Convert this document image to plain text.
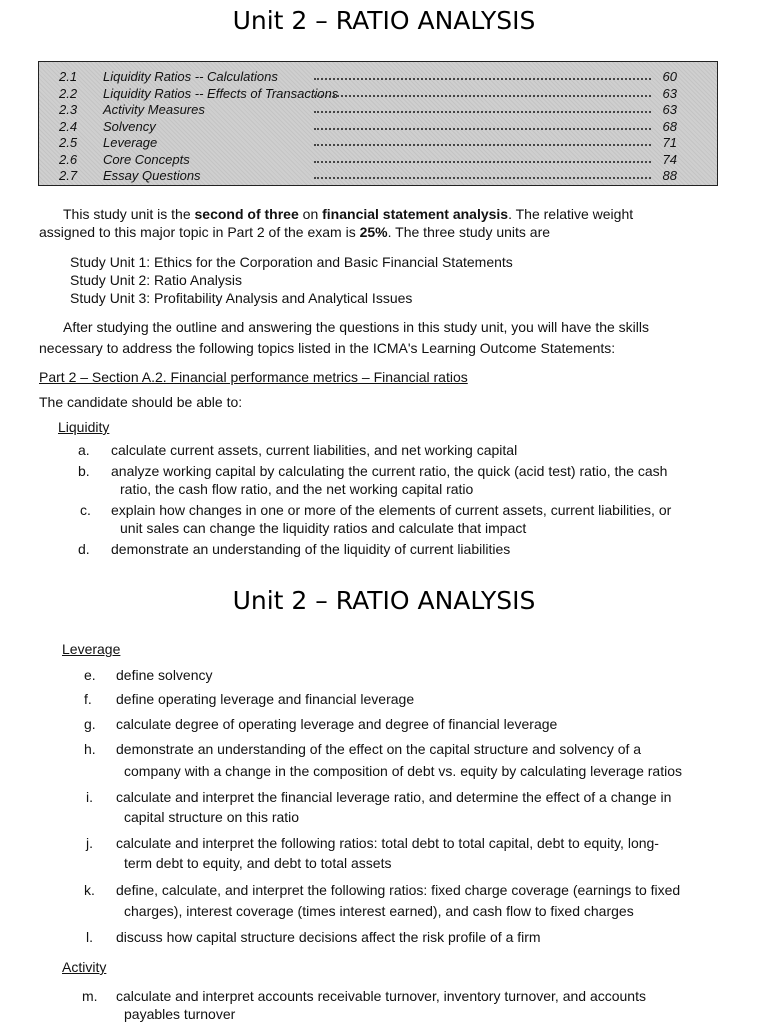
Unit 2 – RATIO ANALYSIS
2.1 Liquidity Ratios -- Calculations	60
2.2 Liquidity Ratios -- Effects of Transactions	63
2.3 Activity Measures	63
2.4 Solvency	68
2.5 Leverage	71
2.6 Core Concepts	74
2.7 Essay Questions	88
This study unit is the second of three on financial statement analysis. The relative weight
assigned to this major topic in Part 2 of the exam is 25%. The three study units are
Study Unit 1: Ethics for the Corporation and Basic Financial Statements
Study Unit 2: Ratio Analysis
Study Unit 3: Profitability Analysis and Analytical Issues
After studying the outline and answering the questions in this study unit, you will have the skills
necessary to address the following topics listed in the ICMA's Learning Outcome Statements:
Part 2 – Section A.2. Financial performance metrics – Financial ratios
The candidate should be able to:
Liquidity
a. calculate current assets, current liabilities, and net working capital
b. analyze working capital by calculating the current ratio, the quick (acid test) ratio, the cash
ratio, the cash flow ratio, and the net working capital ratio
c. explain how changes in one or more of the elements of current assets, current liabilities, or
unit sales can change the liquidity ratios and calculate that impact
d. demonstrate an understanding of the liquidity of current liabilities
Unit 2 – RATIO ANALYSIS
Leverage
e. define solvency
f. define operating leverage and financial leverage
g. calculate degree of operating leverage and degree of financial leverage
h. demonstrate an understanding of the effect on the capital structure and solvency of a
company with a change in the composition of debt vs. equity by calculating leverage ratios
i. calculate and interpret the financial leverage ratio, and determine the effect of a change in
capital structure on this ratio
j. calculate and interpret the following ratios: total debt to total capital, debt to equity, long-
term debt to equity, and debt to total assets
k. define, calculate, and interpret the following ratios: fixed charge coverage (earnings to fixed
charges), interest coverage (times interest earned), and cash flow to fixed charges
l. discuss how capital structure decisions affect the risk profile of a firm
Activity
m. calculate and interpret accounts receivable turnover, inventory turnover, and accounts
payables turnover
